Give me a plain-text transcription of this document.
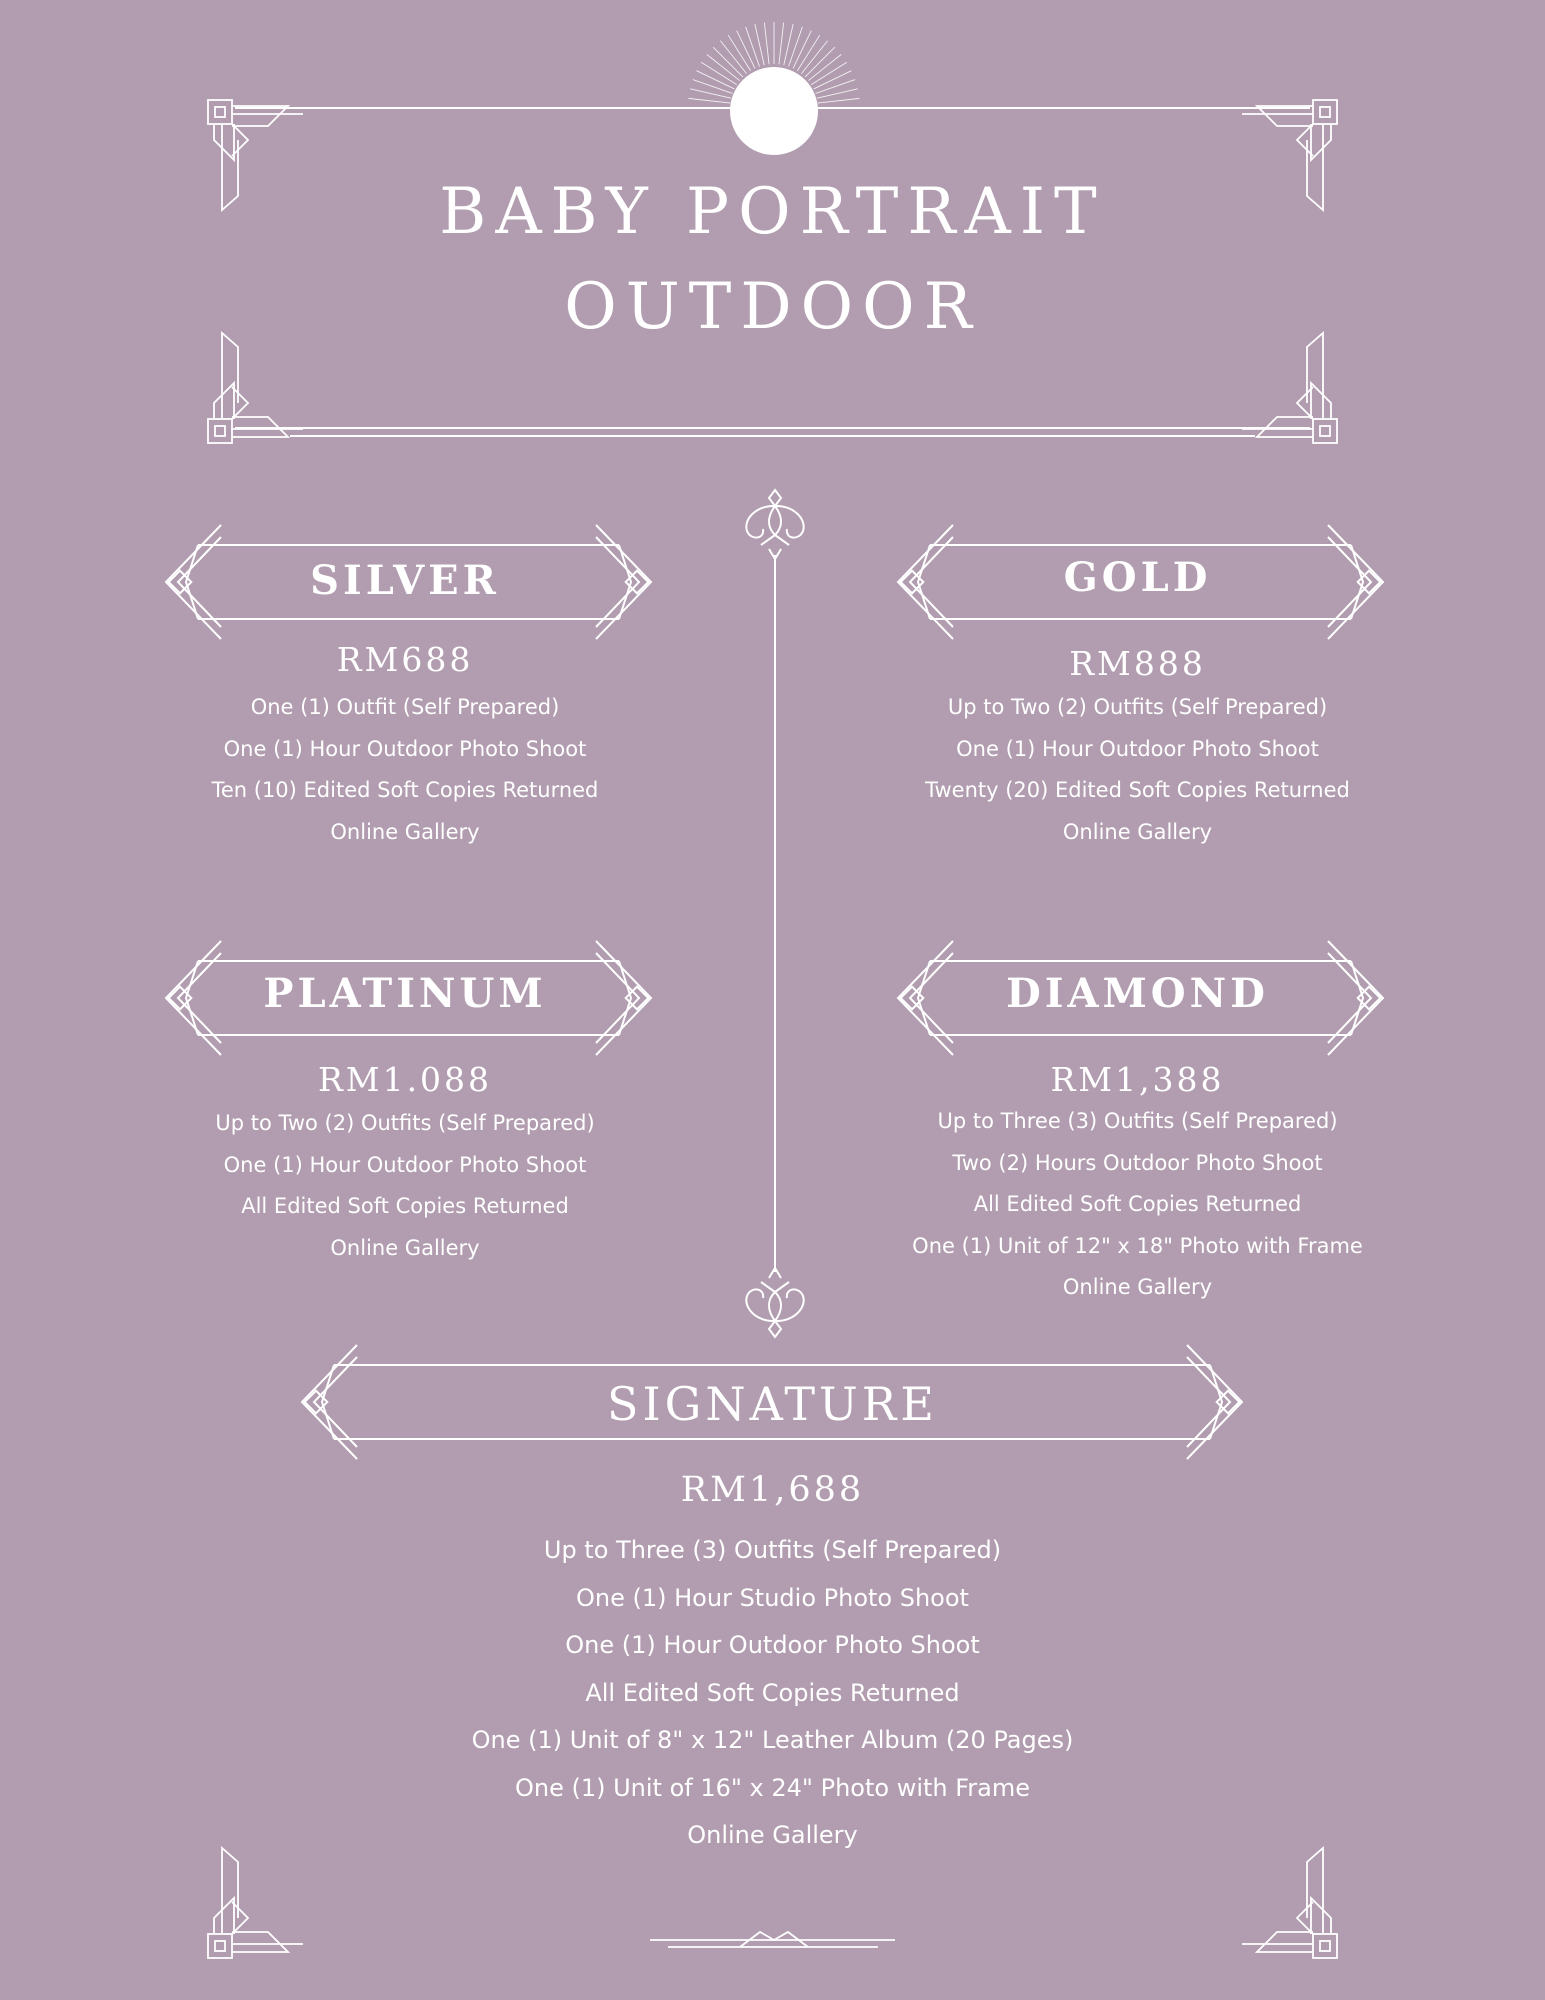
BABY PORTRAIT
OUTDOOR
SILVER
RM688
One (1) Outfit (Self Prepared)
One (1) Hour Outdoor Photo Shoot
Ten (10) Edited Soft Copies Returned
Online Gallery
GOLD
RM888
Up to Two (2) Outfits (Self Prepared)
One (1) Hour Outdoor Photo Shoot
Twenty (20) Edited Soft Copies Returned
Online Gallery
PLATINUM
RM1.088
Up to Two (2) Outfits (Self Prepared)
One (1) Hour Outdoor Photo Shoot
All Edited Soft Copies Returned
Online Gallery
DIAMOND
RM1,388
Up to Three (3) Outfits (Self Prepared)
Two (2) Hours Outdoor Photo Shoot
All Edited Soft Copies Returned
One (1) Unit of 12" x 18" Photo with Frame
Online Gallery
SIGNATURE
RM1,688
Up to Three (3) Outfits (Self Prepared)
One (1) Hour Studio Photo Shoot
One (1) Hour Outdoor Photo Shoot
All Edited Soft Copies Returned
One (1) Unit of 8" x 12" Leather Album (20 Pages)
One (1) Unit of 16" x 24" Photo with Frame
Online Gallery
